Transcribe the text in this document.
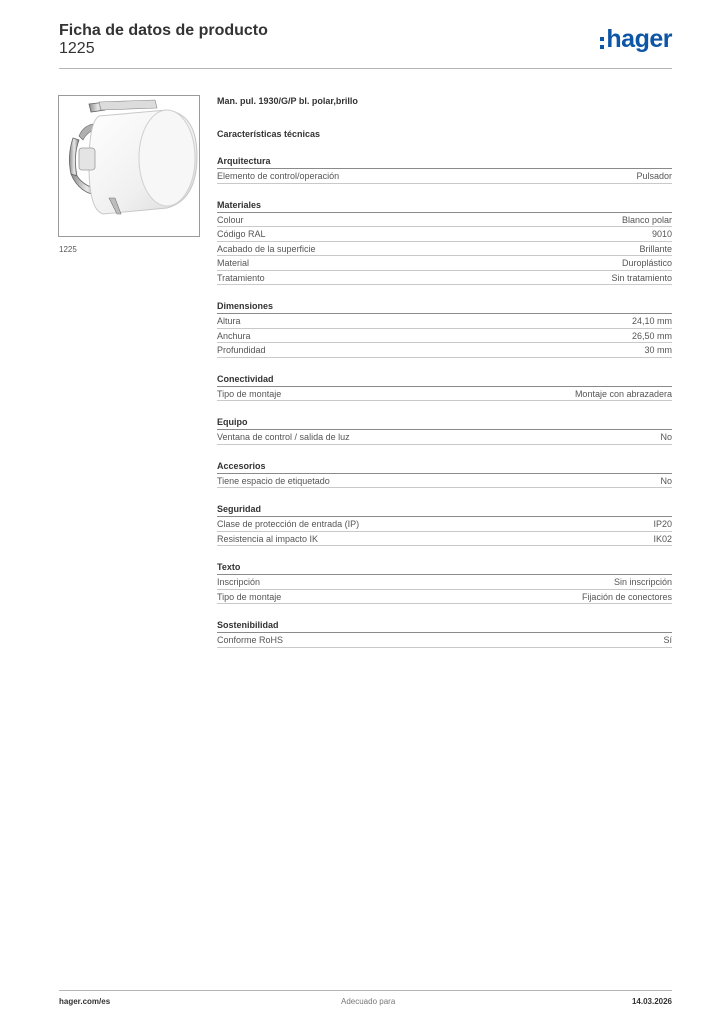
Ficha de datos de producto
1225	hager
1225
Man. pul. 1930/G/P bl. polar,brillo
Características técnicas
Arquitectura
Elemento de control/operación	Pulsador
Materiales
Colour	Blanco polar
Código RAL	9010
Acabado de la superficie	Brillante
Material	Duroplástico
Tratamiento	Sin tratamiento
Dimensiones
Altura	24,10 mm
Anchura	26,50 mm
Profundidad	30 mm
Conectividad
Tipo de montaje	Montaje con abrazadera
Equipo
Ventana de control / salida de luz	No
Accesorios
Tiene espacio de etiquetado	No
Seguridad
Clase de protección de entrada (IP)	IP20
Resistencia al impacto IK	IK02
Texto
Inscripción	Sin inscripción
Tipo de montaje	Fijación de conectores
Sostenibilidad
Conforme RoHS	Sí
hager.com/es	Adecuado para	14.03.2026
